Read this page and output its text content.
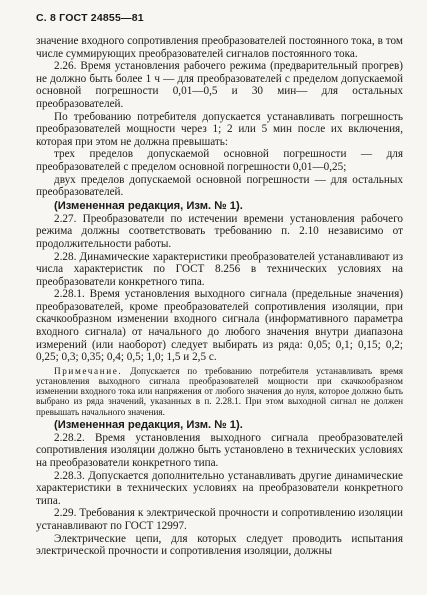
С. 8 ГОСТ 24855—81

значение входного сопротивления преобразователей постоянного тока, в том числе суммирующих преобразователей сигналов постоянного тока.

2.26. Время установления рабочего режима (предварительный прогрев) не должно быть более 1 ч — для преобразователей с пределом допускаемой основной погрешности 0,01—0,5 и 30 мин— для остальных преобразователей.

По требованию потребителя допускается устанавливать погрешность преобразователей мощности через 1; 2 или 5 мин после их включения, которая при этом не должна превышать:

трех пределов допускаемой основной погрешности — для преобразователей с пределом основной погрешности 0,01—0,25;

двух пределов допускаемой основной погрешности — для остальных преобразователей.

(Измененная редакция, Изм. № 1).

2.27. Преобразователи по истечении времени установления рабочего режима должны соответствовать требованию п. 2.10 независимо от продолжительности работы.

2.28. Динамические характеристики преобразователей устанавливают из числа характеристик по ГОСТ 8.256 в технических условиях на преобразователи конкретного типа.

2.28.1. Время установления выходного сигнала (предельные значения) преобразователей, кроме преобразователей сопротивления изоляции, при скачкообразном изменении входного сигнала (информативного параметра входного сигнала) от начального до любого значения внутри диапазона измерений (или наоборот) следует выбирать из ряда: 0,05; 0,1; 0,15; 0,2; 0,25; 0,3; 0,35; 0,4; 0,5; 1,0; 1,5 и 2,5 с.

Примечание. Допускается по требованию потребителя устанавливать время установления выходного сигнала преобразователей мощности при скачкообразном изменении входного тока или напряжения от любого значения до нуля, которое должно быть выбрано из ряда значений, указанных в п. 2.28.1. При этом выходной сигнал не должен превышать начального значения.

(Измененная редакция, Изм. № 1).

2.28.2. Время установления выходного сигнала преобразователей сопротивления изоляции должно быть установлено в технических условиях на преобразователи конкретного типа.

2.28.3. Допускается дополнительно устанавливать другие динамические характеристики в технических условиях на преобразователи конкретного типа.

2.29. Требования к электрической прочности и сопротивлению изоляции устанавливают по ГОСТ 12997.

Электрические цепи, для которых следует проводить испытания электрической прочности и сопротивления изоляции, должны
